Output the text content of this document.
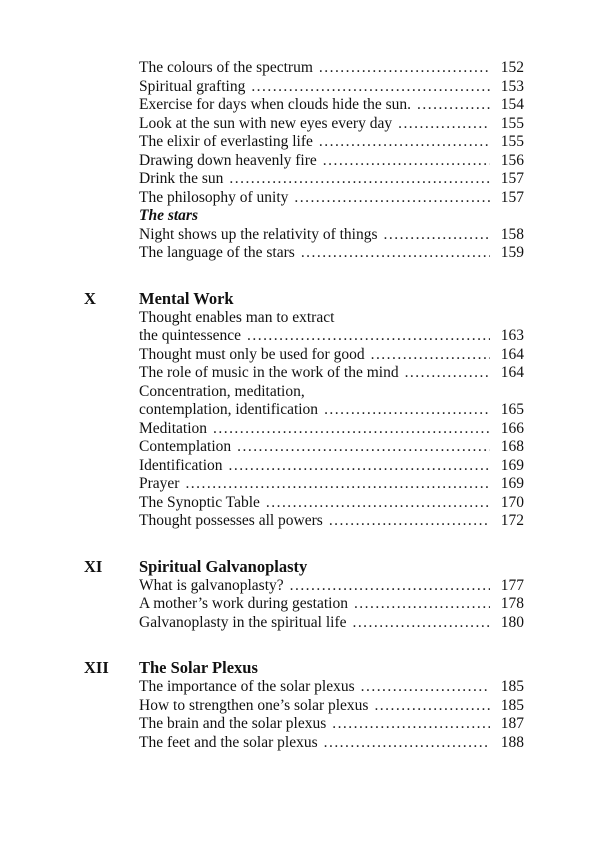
The colours of the spectrum . . .	152
Spiritual grafting . . .	153
Exercise for days when clouds hide the sun. . . .	154
Look at the sun with new eyes every day . . .	155
The elixir of everlasting life . . .	155
Drawing down heavenly fire . . .	156
Drink the sun . . .	157
The philosophy of unity . . .	157
The stars
Night shows up the relativity of things . . .	158
The language of the stars . . .	159
X	Mental Work
Thought enables man to extract
the quintessence . . .	163
Thought must only be used for good . . .	164
The role of music in the work of the mind . . .	164
Concentration, meditation,
contemplation, identification . . .	165
Meditation . . .	166
Contemplation . . .	168
Identification . . .	169
Prayer . . .	169
The Synoptic Table . . .	170
Thought possesses all powers . . .	172
XI	Spiritual Galvanoplasty
What is galvanoplasty? . . .	177
A mother’s work during gestation . . .	178
Galvanoplasty in the spiritual life . . .	180
XII	The Solar Plexus
The importance of the solar plexus . . .	185
How to strengthen one’s solar plexus . . .	185
The brain and the solar plexus . . .	187
The feet and the solar plexus . . .	188
